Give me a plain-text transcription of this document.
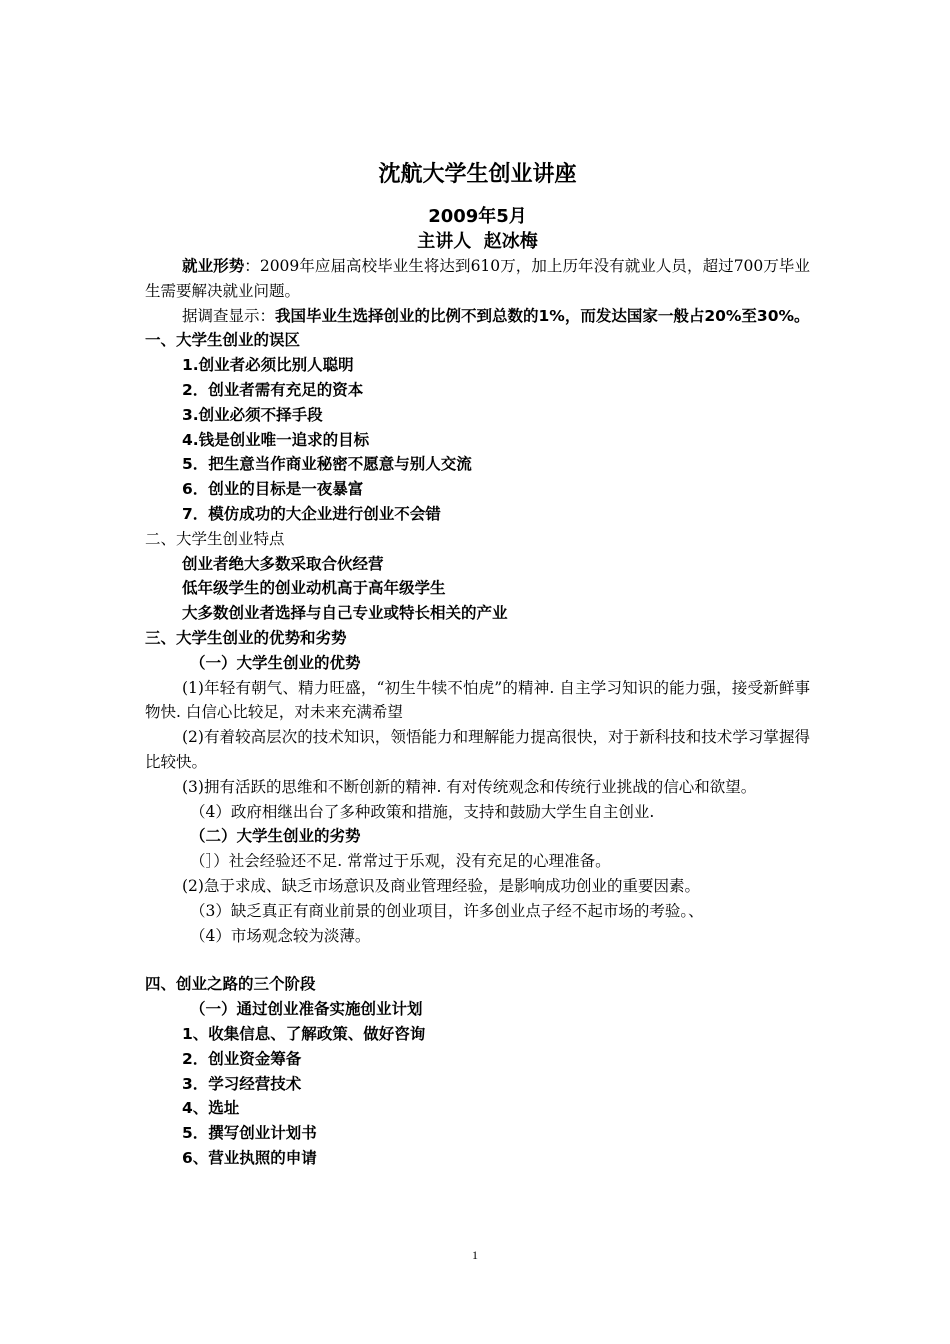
沈航大学生创业讲座
2009年5月
主讲人  赵冰梅
就业形势：2009年应届高校毕业生将达到610万，加上历年没有就业人员，超过700万毕业生需要解决就业问题。
据调查显示：我国毕业生选择创业的比例不到总数的1%，而发达国家一般占20%至30%。
一、大学生创业的误区
1.创业者必须比别人聪明
2．创业者需有充足的资本
3.创业必须不择手段
4.钱是创业唯一追求的目标
5．把生意当作商业秘密不愿意与别人交流
6．创业的目标是一夜暴富
7．模仿成功的大企业进行创业不会错
二、大学生创业特点
创业者绝大多数采取合伙经营
低年级学生的创业动机高于高年级学生
大多数创业者选择与自己专业或特长相关的产业
三、大学生创业的优势和劣势
（一）大学生创业的优势
(1)年轻有朝气、精力旺盛，“初生牛犊不怕虎”的精神. 自主学习知识的能力强，接受新鲜事物快. 白信心比较足，对未来充满希望
(2)有着较高层次的技术知识，领悟能力和理解能力提高很快，对于新科技和技术学习掌握得比较快。
(3)拥有活跃的思维和不断创新的精神. 有对传统观念和传统行业挑战的信心和欲望。
（4）政府相继出台了多种政策和措施，支持和鼓励大学生自主创业.
（二）大学生创业的劣势
（］）社会经验还不足. 常常过于乐观，没有充足的心理准备。
(2)急于求成、缺乏市场意识及商业管理经验，是影响成功创业的重要因素。
（3）缺乏真正有商业前景的创业项目，许多创业点子经不起市场的考验。、
（4）市场观念较为淡薄。
四、创业之路的三个阶段
（一）通过创业准备实施创业计划
1、收集信息、了解政策、做好咨询
2．创业资金筹备
3．学习经营技术
4、选址
5．撰写创业计划书
6、营业执照的申请
1
